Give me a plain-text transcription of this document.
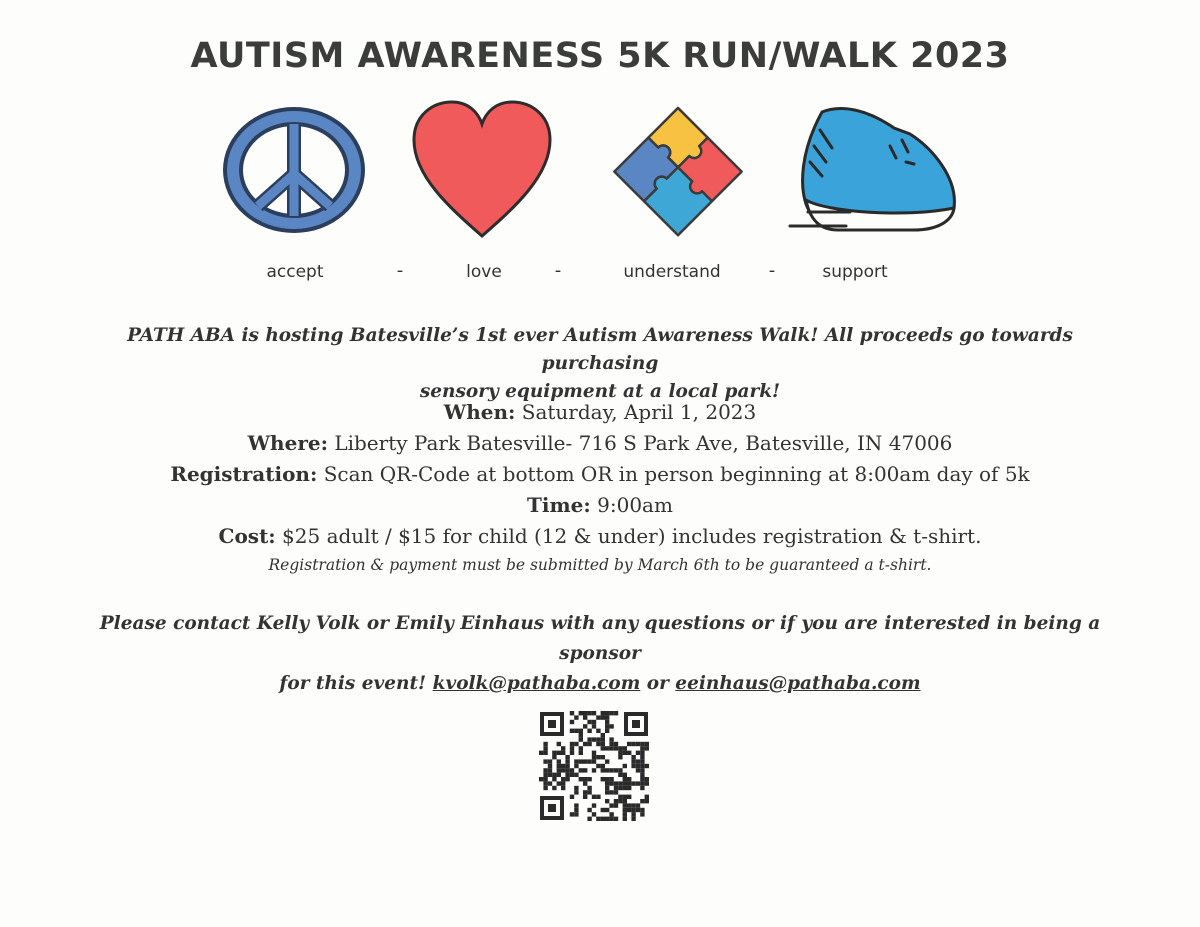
AUTISM AWARENESS 5K RUN/WALK 2023
accept	-	love	-	understand	-	support
PATH ABA is hosting Batesville’s 1st ever Autism Awareness Walk! All proceeds go towards purchasing
sensory equipment at a local park!
When: Saturday, April 1, 2023
Where: Liberty Park Batesville- 716 S Park Ave, Batesville, IN 47006
Registration: Scan QR-Code at bottom OR in person beginning at 8:00am day of 5k
Time: 9:00am
Cost: $25 adult / $15 for child (12 & under) includes registration & t-shirt.
Registration & payment must be submitted by March 6th to be guaranteed a t-shirt.
Please contact Kelly Volk or Emily Einhaus with any questions or if you are interested in being a sponsor
for this event! kvolk@pathaba.com or eeinhaus@pathaba.com
